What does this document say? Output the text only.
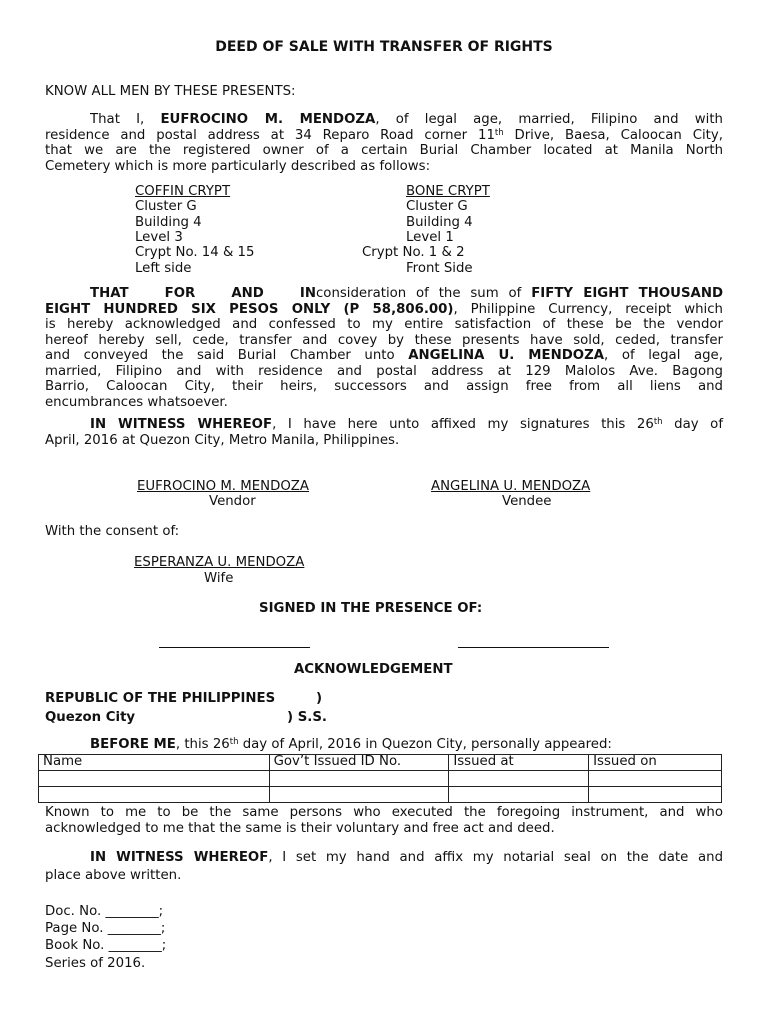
DEED OF SALE WITH TRANSFER OF RIGHTS
KNOW ALL MEN BY THESE PRESENTS:
That I, EUFROCINO M. MENDOZA, of legal age, married, Filipino and with
residence and postal address at 34 Reparo Road corner 11th Drive, Baesa, Caloocan City,
that we are the registered owner of a certain Burial Chamber located at Manila North
Cemetery which is more particularly described as follows:
COFFIN CRYPT
Cluster G
Building 4
Level 3
Crypt No. 14 & 15
Left side
BONE CRYPT
Cluster G
Building 4
Level 1
Crypt No. 1 & 2
Front Side
THAT FOR AND INconsideration of the sum of FIFTY EIGHT THOUSAND
EIGHT HUNDRED SIX PESOS ONLY (P 58,806.00), Philippine Currency, receipt which
is hereby acknowledged and confessed to my entire satisfaction of these be the vendor
hereof hereby sell, cede, transfer and covey by these presents have sold, ceded, transfer
and conveyed the said Burial Chamber unto ANGELINA U. MENDOZA, of legal age,
married, Filipino and with residence and postal address at 129 Malolos Ave. Bagong
Barrio, Caloocan City, their heirs, successors and assign free from all liens and
encumbrances whatsoever.
IN WITNESS WHEREOF, I have here unto affixed my signatures this 26th day of
April, 2016 at Quezon City, Metro Manila, Philippines.
EUFROCINO M. MENDOZA
Vendor
ANGELINA U. MENDOZA
Vendee
With the consent of:
ESPERANZA U. MENDOZA
Wife
SIGNED IN THE PRESENCE OF:
ACKNOWLEDGEMENT
REPUBLIC OF THE PHILIPPINES	)
Quezon City	) S.S.
BEFORE ME, this 26th day of April, 2016 in Quezon City, personally appeared:
Name	Gov’t Issued ID No.	Issued at	Issued on

Known to me to be the same persons who executed the foregoing instrument, and who
acknowledged to me that the same is their voluntary and free act and deed.
IN WITNESS WHEREOF, I set my hand and affix my notarial seal on the date and
place above written.
Doc. No. ________;
Page No. ________;
Book No. ________;
Series of 2016.
